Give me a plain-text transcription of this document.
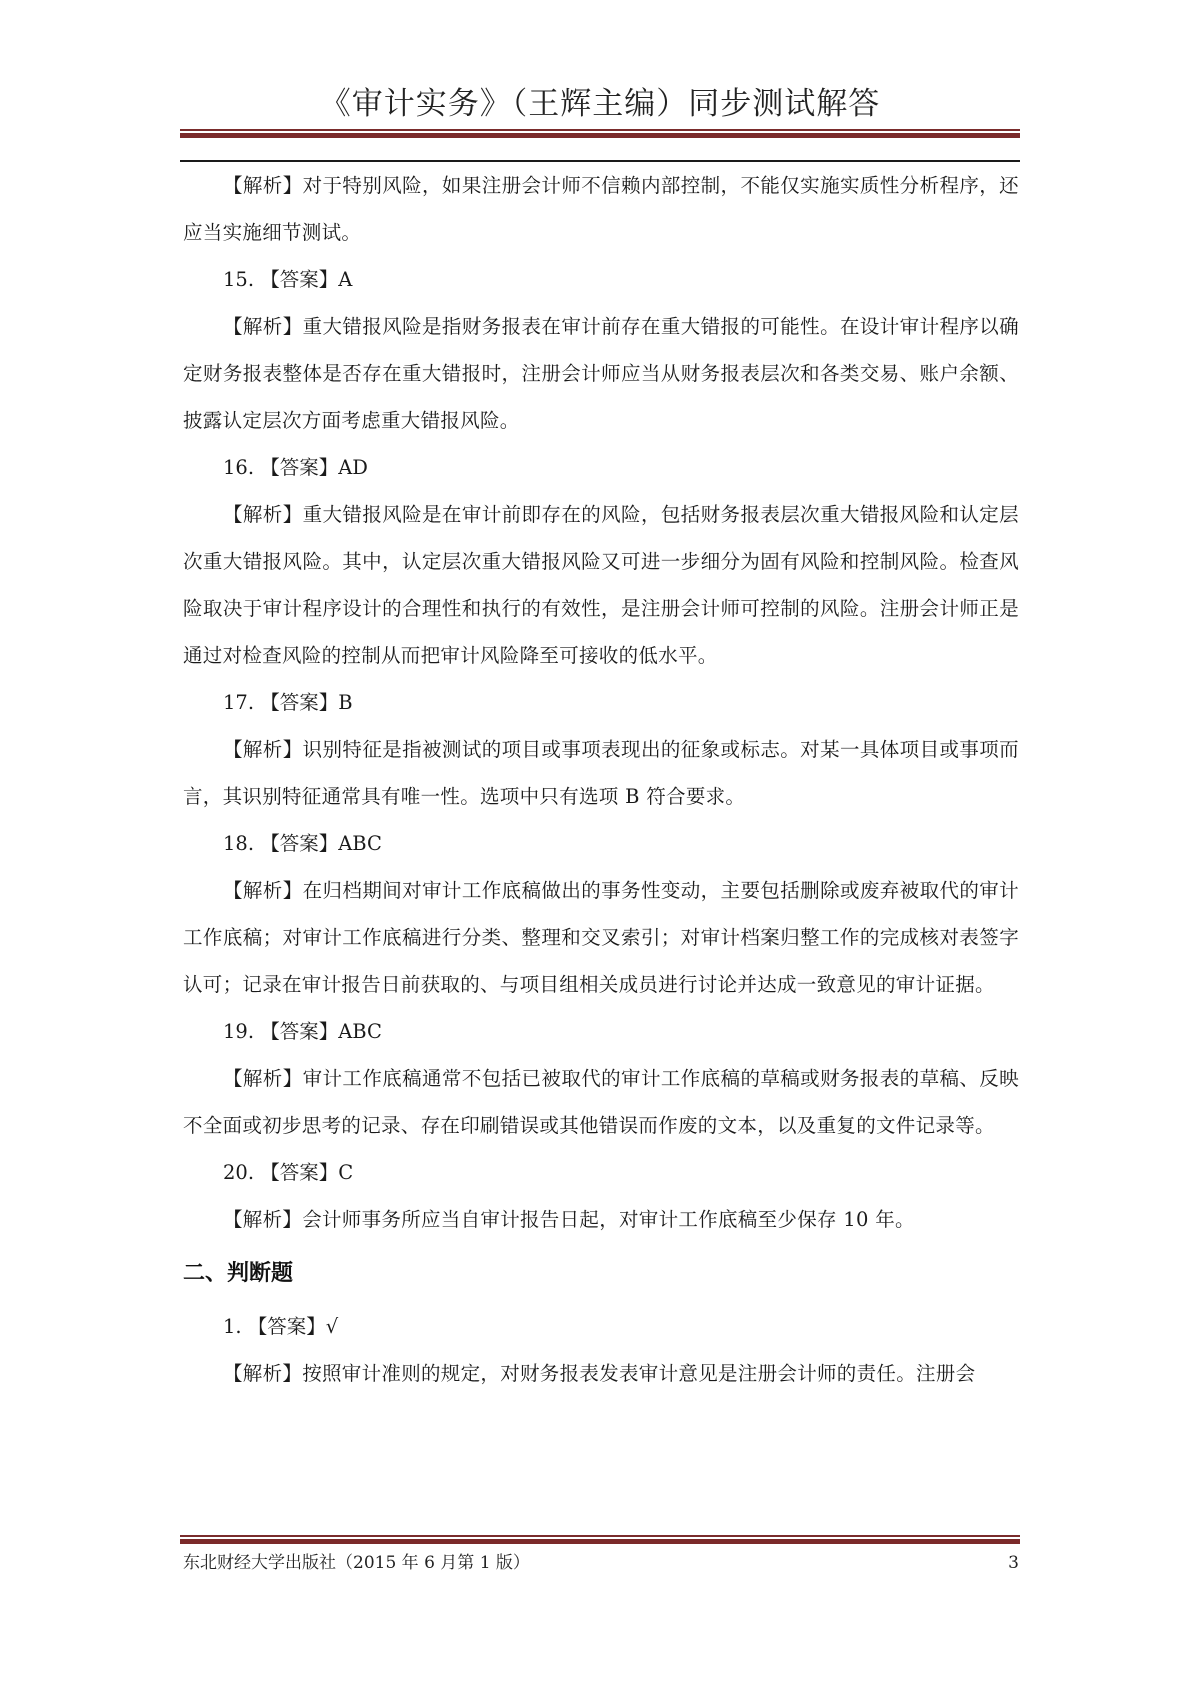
《审计实务》（王辉主编）同步测试解答

【解析】对于特别风险，如果注册会计师不信赖内部控制，不能仅实施实质性分析程序，还应当实施细节测试。

15. 【答案】A

【解析】重大错报风险是指财务报表在审计前存在重大错报的可能性。在设计审计程序以确定财务报表整体是否存在重大错报时，注册会计师应当从财务报表层次和各类交易、账户余额、披露认定层次方面考虑重大错报风险。

16. 【答案】AD

【解析】重大错报风险是在审计前即存在的风险，包括财务报表层次重大错报风险和认定层次重大错报风险。其中，认定层次重大错报风险又可进一步细分为固有风险和控制风险。检查风险取决于审计程序设计的合理性和执行的有效性，是注册会计师可控制的风险。注册会计师正是通过对检查风险的控制从而把审计风险降至可接收的低水平。

17. 【答案】B

【解析】识别特征是指被测试的项目或事项表现出的征象或标志。对某一具体项目或事项而言，其识别特征通常具有唯一性。选项中只有选项 B 符合要求。

18. 【答案】ABC

【解析】在归档期间对审计工作底稿做出的事务性变动，主要包括删除或废弃被取代的审计工作底稿；对审计工作底稿进行分类、整理和交叉索引；对审计档案归整工作的完成核对表签字认可；记录在审计报告日前获取的、与项目组相关成员进行讨论并达成一致意见的审计证据。

19. 【答案】ABC

【解析】审计工作底稿通常不包括已被取代的审计工作底稿的草稿或财务报表的草稿、反映不全面或初步思考的记录、存在印刷错误或其他错误而作废的文本，以及重复的文件记录等。

20. 【答案】C

【解析】会计师事务所应当自审计报告日起，对审计工作底稿至少保存 10 年。

二、判断题

1. 【答案】√

【解析】按照审计准则的规定，对财务报表发表审计意见是注册会计师的责任。注册会

东北财经大学出版社（2015 年 6 月第 1 版）	3
